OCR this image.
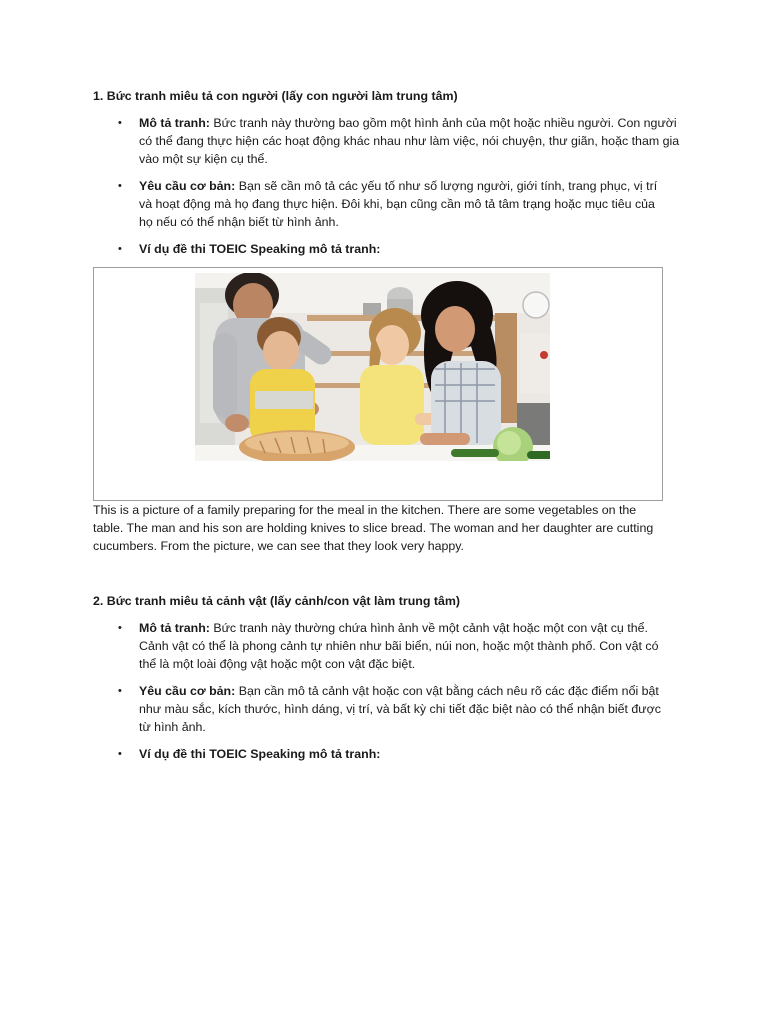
1. Bức tranh miêu tả con người (lấy con người làm trung tâm)
•
Mô tả tranh: Bức tranh này thường bao gồm một hình ảnh của một hoặc nhiều người. Con người có thể đang thực hiện các hoạt động khác nhau như làm việc, nói chuyện, thư giãn, hoặc tham gia vào một sự kiện cụ thể.
•
Yêu cầu cơ bản: Bạn sẽ cần mô tả các yếu tố như số lượng người, giới tính, trang phục, vị trí và hoạt động mà họ đang thực hiện. Đôi khi, bạn cũng cần mô tả tâm trạng hoặc mục tiêu của họ nếu có thể nhận biết từ hình ảnh.
•
Ví dụ đề thi TOEIC Speaking mô tả tranh:
This is a picture of a family preparing for the meal in the kitchen. There are some vegetables on the table. The man and his son are holding knives to slice bread. The woman and her daughter are cutting cucumbers. From the picture, we can see that they look very happy.
2. Bức tranh miêu tả cảnh vật (lấy cảnh/con vật làm trung tâm)
•
Mô tả tranh: Bức tranh này thường chứa hình ảnh về một cảnh vật hoặc một con vật cụ thể. Cảnh vật có thể là phong cảnh tự nhiên như bãi biển, núi non, hoặc một thành phố. Con vật có thể là một loài động vật hoặc một con vật đặc biệt.
•
Yêu cầu cơ bản: Bạn cần mô tả cảnh vật hoặc con vật bằng cách nêu rõ các đặc điểm nổi bật như màu sắc, kích thước, hình dáng, vị trí, và bất kỳ chi tiết đặc biệt nào có thể nhận biết được từ hình ảnh.
•
Ví dụ đề thi TOEIC Speaking mô tả tranh:
